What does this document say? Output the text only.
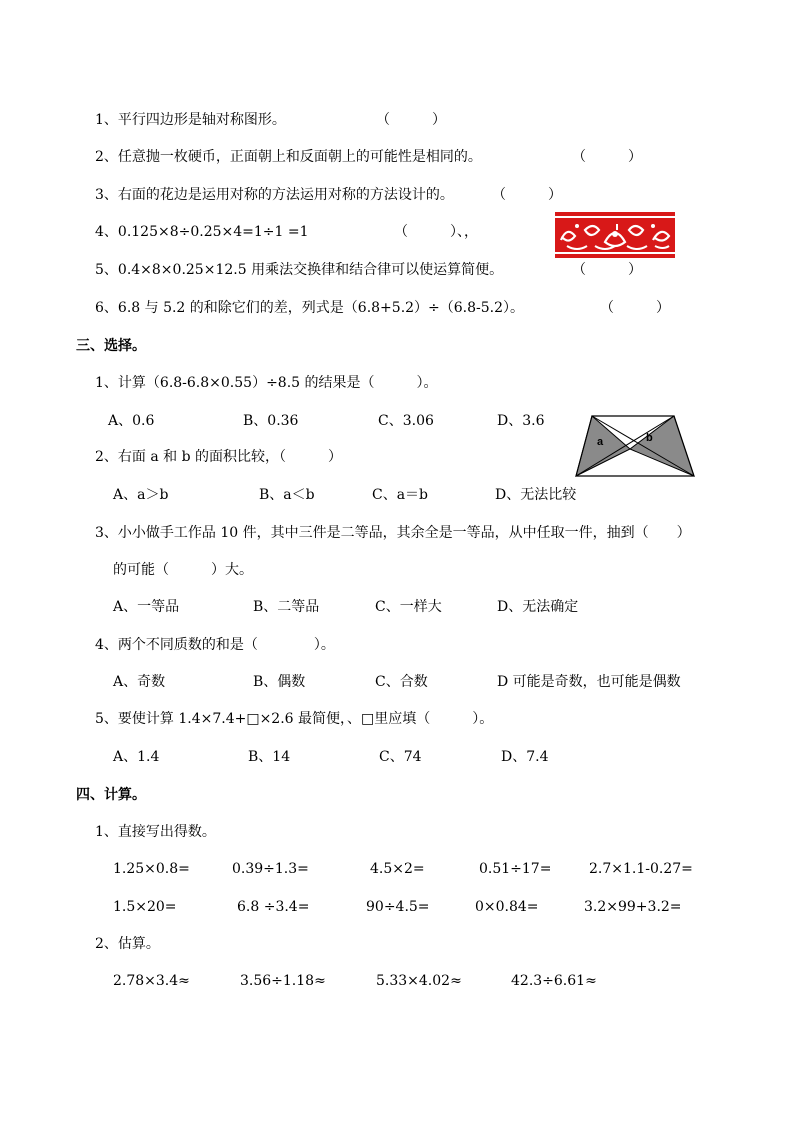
1、平行四边形是轴对称图形。	（　　　）
2、任意抛一枚硬币，正面朝上和反面朝上的可能性是相同的。	（　　　）
3、右面的花边是运用对称的方法运用对称的方法设计的。	（　　　）
4、0.125×8÷0.25×4=1÷1 =1	（　　　）、，
5、0.4×8×0.25×12.5 用乘法交换律和结合律可以使运算简便。	（　　　）
6、6.8 与 5.2 的和除它们的差，列式是（6.8+5.2）÷（6.8-5.2）。	（　　　）
三、选择。
1、计算（6.8-6.8×0.55）÷8.5 的结果是（　　　）。
A、0.6	B、0.36	C、3.06	D、3.6
a	b
2、右面 a 和 b 的面积比较，（　　　）
A、a＞b	B、a＜b	C、a＝b	D、无法比较
3、小小做手工作品 10 件，其中三件是二等品，其余全是一等品，从中任取一件，抽到（　　）
的可能（　　　）大。
A、一等品	B、二等品	C、一样大	D、无法确定
4、两个不同质数的和是（　　　　）。
A、奇数	B、偶数	C、合数	D 可能是奇数，也可能是偶数
5、要使计算 1.4×7.4+□×2.6 最简便，、□里应填（　　　）。
A、1.4	B、14	C、74	D、7.4
四、计算。
1、直接写出得数。
1.25×0.8=	0.39÷1.3=	4.5×2=	0.51÷17=	2.7×1.1-0.27=
1.5×20=	6.8 ÷3.4=	90÷4.5=	0×0.84=	3.2×99+3.2=
2、估算。
2.78×3.4≈	3.56÷1.18≈	5.33×4.02≈	42.3÷6.61≈
